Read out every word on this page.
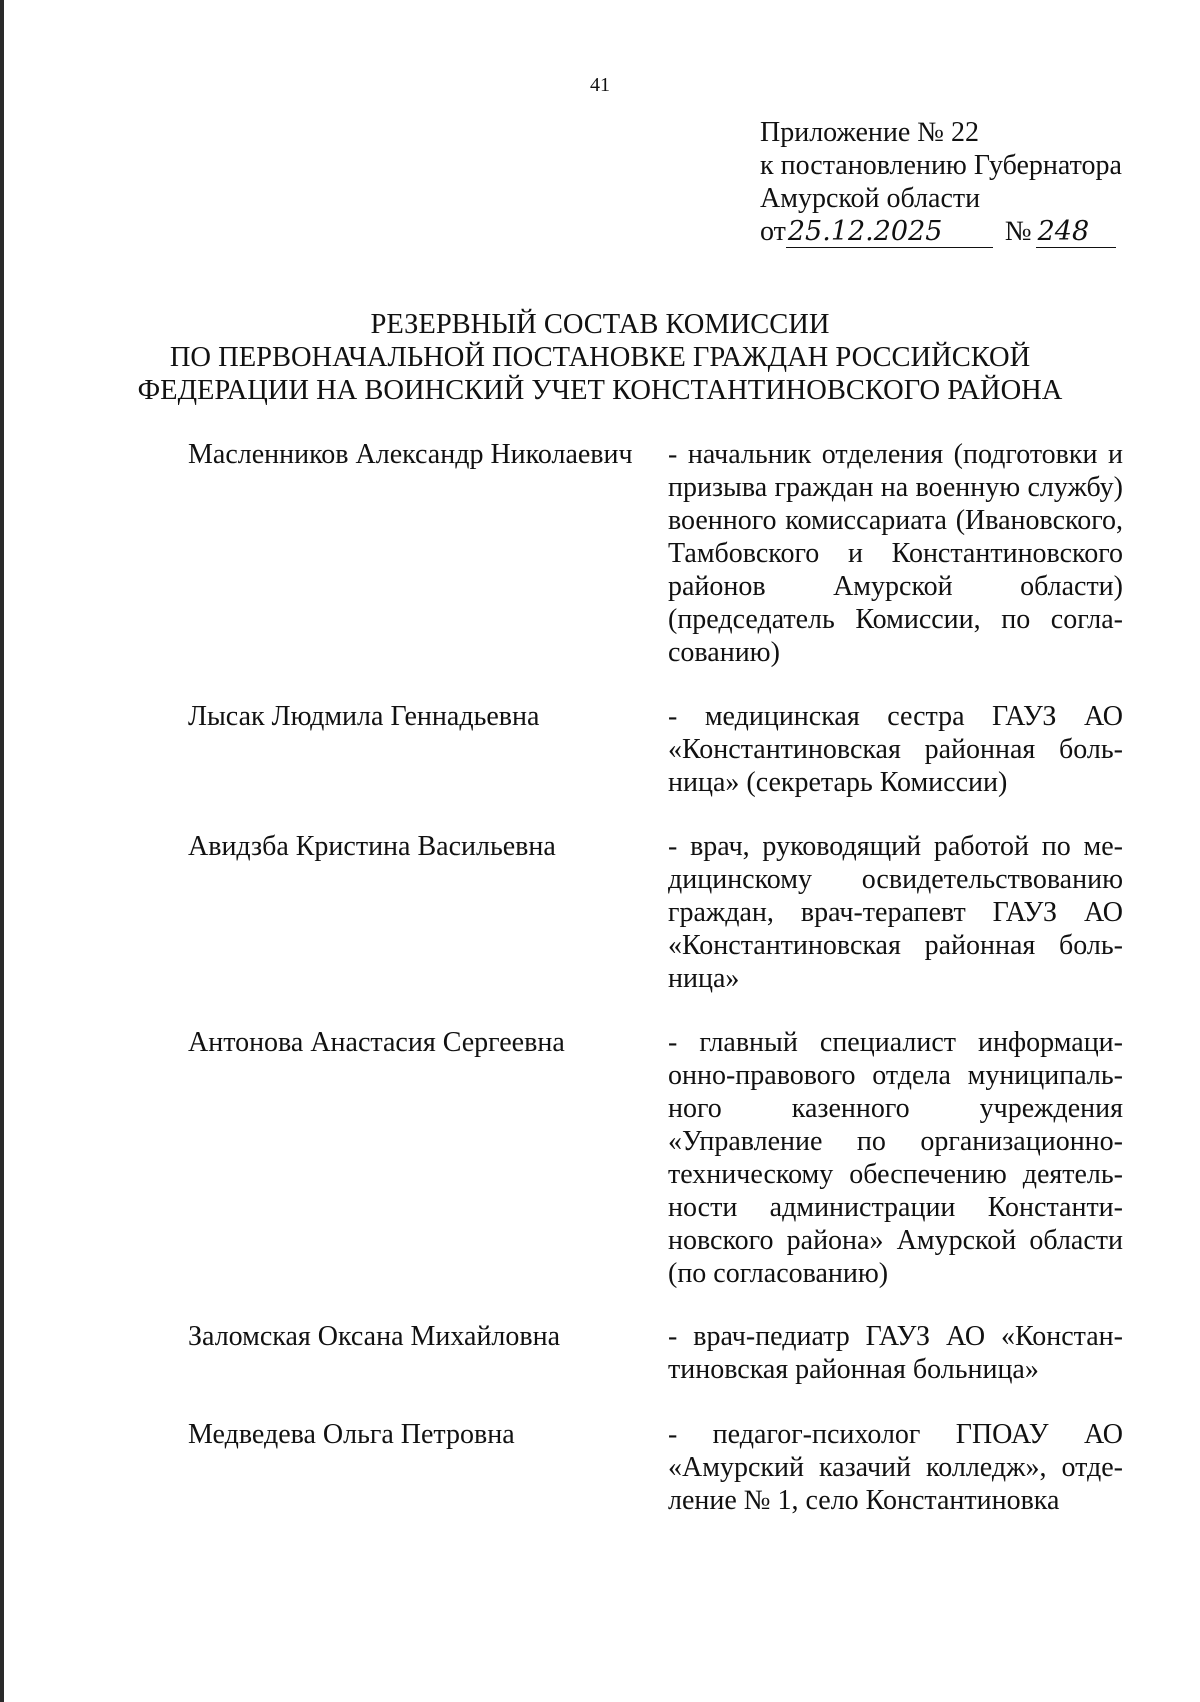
41
Приложение № 22
к постановлению Губернатора
Амурской области
от25.12.2025 № 248
РЕЗЕРВНЫЙ СОСТАВ КОМИССИИ
ПО ПЕРВОНАЧАЛЬНОЙ ПОСТАНОВКЕ ГРАЖДАН РОССИЙСКОЙ
ФЕДЕРАЦИИ НА ВОИНСКИЙ УЧЕТ КОНСТАНТИНОВСКОГО РАЙОНА
Масленников Александр Николаевич	- начальник отделения (подготовки и призыва граждан на военную службу) военного комиссариата (Ивановского, Тамбовского и Константиновского районов Амурской области) (председатель Комиссии, по согласованию)
Лысак Людмила Геннадьевна	- медицинская сестра ГАУЗ АО «Константиновская районная больница» (секретарь Комиссии)
Авидзба Кристина Васильевна	- врач, руководящий работой по медицинскому освидетельствованию граждан, врач-терапевт ГАУЗ АО «Константиновская районная больница»
Антонова Анастасия Сергеевна	- главный специалист информационно-правового отдела муниципального казенного учреждения «Управление по организационно-техническому обеспечению деятельности администрации Константиновского района» Амурской области (по согласованию)
Заломская Оксана Михайловна	- врач-педиатр ГАУЗ АО «Константиновская районная больница»
Медведева Ольга Петровна	- педагог-психолог ГПОАУ АО «Амурский казачий колледж», отделение № 1, село Константиновка
